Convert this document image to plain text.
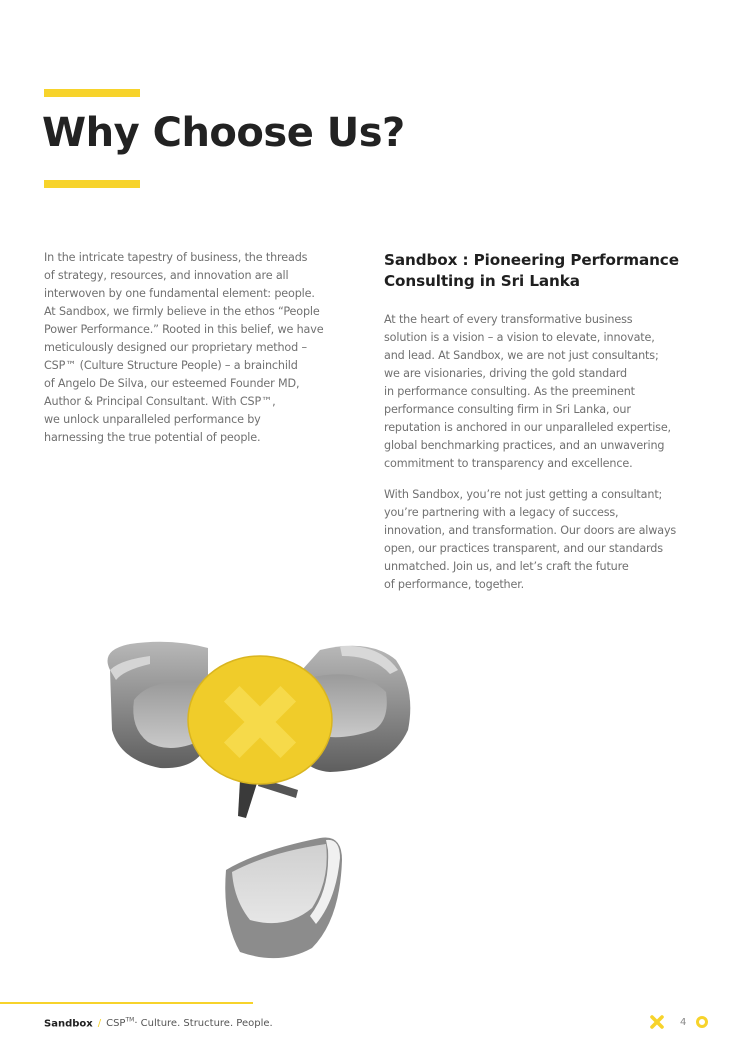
Why Choose Us?

In the intricate tapestry of business, the threads
of strategy, resources, and innovation are all
interwoven by one fundamental element: people.
At Sandbox, we firmly believe in the ethos “People
Power Performance.” Rooted in this belief, we have
meticulously designed our proprietary method –
CSP™ (Culture Structure People) – a brainchild
of Angelo De Silva, our esteemed Founder MD,
Author & Principal Consultant. With CSP™,
we unlock unparalleled performance by
harnessing the true potential of people.

Sandbox : Pioneering Performance
Consulting in Sri Lanka

At the heart of every transformative business
solution is a vision – a vision to elevate, innovate,
and lead. At Sandbox, we are not just consultants;
we are visionaries, driving the gold standard
in performance consulting. As the preeminent
performance consulting firm in Sri Lanka, our
reputation is anchored in our unparalleled expertise,
global benchmarking practices, and an unwavering
commitment to transparency and excellence.

With Sandbox, you’re not just getting a consultant;
you’re partnering with a legacy of success,
innovation, and transformation. Our doors are always
open, our practices transparent, and our standards
unmatched. Join us, and let’s craft the future
of performance, together.

Sandbox / CSP™· Culture. Structure. People.	4
